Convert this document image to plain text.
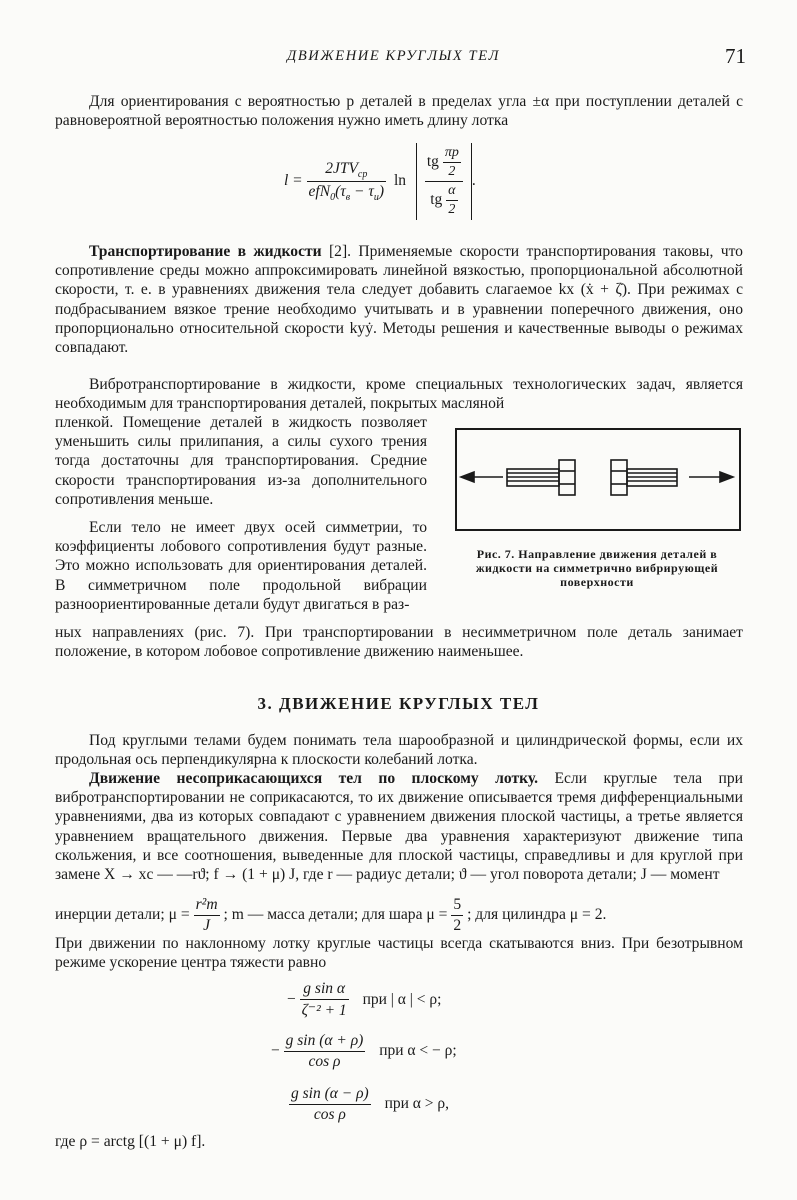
ДВИЖЕНИЕ КРУГЛЫХ ТЕЛ	71
Для ориентирования с вероятностью p деталей в пределах угла ±α при поступлении деталей с равновероятной вероятностью положения нужно иметь длину лотка
$l = \frac{2JTV_{ср}}{efN_0(\tau_в - \tau_и)}$ $\ln \frac{tg \frac{\pi p}{2}}{tg \frac{\alpha}{2}}$ .
Транспортирование в жидкости [2]. Применяемые скорости транспортирования таковы, что сопротивление среды можно аппроксимировать линейной вязкостью, пропорциональной абсолютной скорости, т. е. в уравнениях движения тела следует добавить слагаемое kx (ẋ + ζ̇). При режимах с подбрасыванием вязкое трение необходимо учитывать и в уравнении поперечного движения, оно пропорционально относительной скорости kyẏ. Методы решения и качественные выводы о режимах совпадают.
Вибротранспортирование в жидкости, кроме специальных технологических задач, является необходимым для транспортирования деталей, покрытых масляной
пленкой. Помещение деталей в жидкость позволяет уменьшить силы прилипания, а силы сухого трения тогда достаточны для транспортирования. Средние скорости транспортирования из-за дополнительного сопротивления меньше.
Если тело не имеет двух осей симметрии, то коэффициенты лобового сопротивления будут разные. Это можно использовать для ориентирования деталей. В симметричном поле продольной вибрации разноориентированные детали будут двигаться в раз-
ных направлениях (рис. 7). При транспортировании в несимметричном поле деталь занимает положение, в котором лобовое сопротивление движению наименьшее.
Рис. 7. Направление движения деталей в жидкости на симметрично вибрирующей поверхности
3. ДВИЖЕНИЕ КРУГЛЫХ ТЕЛ
Под круглыми телами будем понимать тела шарообразной и цилиндрической формы, если их продольная ось перпендикулярна к плоскости колебаний лотка.
Движение несоприкасающихся тел по плоскому лотку. Если круглые тела при вибротранспортировании не соприкасаются, то их движение описывается тремя дифференциальными уравнениями, два из которых совпадают с уравнением движения плоской частицы, а третье является уравнением вращательного движения. Первые два уравнения характеризуют движение типа скольжения, и все соотношения, выведенные для плоской частицы, справедливы и для круглой при замене X → xc — —rϑ; f → (1 + μ) J, где r — радиус детали; ϑ — угол поворота детали; J — момент
инерции детали; $\mu = \frac{\text{r²m}}{J}$ ; m — масса детали; для шара $\mu = \frac{5}{2}$ ; для цилиндра μ = 2.
При движении по наклонному лотку круглые частицы всегда скатываются вниз. При безотрывном режиме ускорение центра тяжести равно
− $\frac{\text{g sin α}}{\text{ζ⁻² + 1}}$ при | α | < ρ;
− $\frac{\text{g sin (α + ρ)}}{\text{cos ρ}}$ при α < − ρ;
$\frac{\text{g sin (α − ρ)}}{\text{cos ρ}}$ при α > ρ,
где ρ = arctg [(1 + μ) f].
